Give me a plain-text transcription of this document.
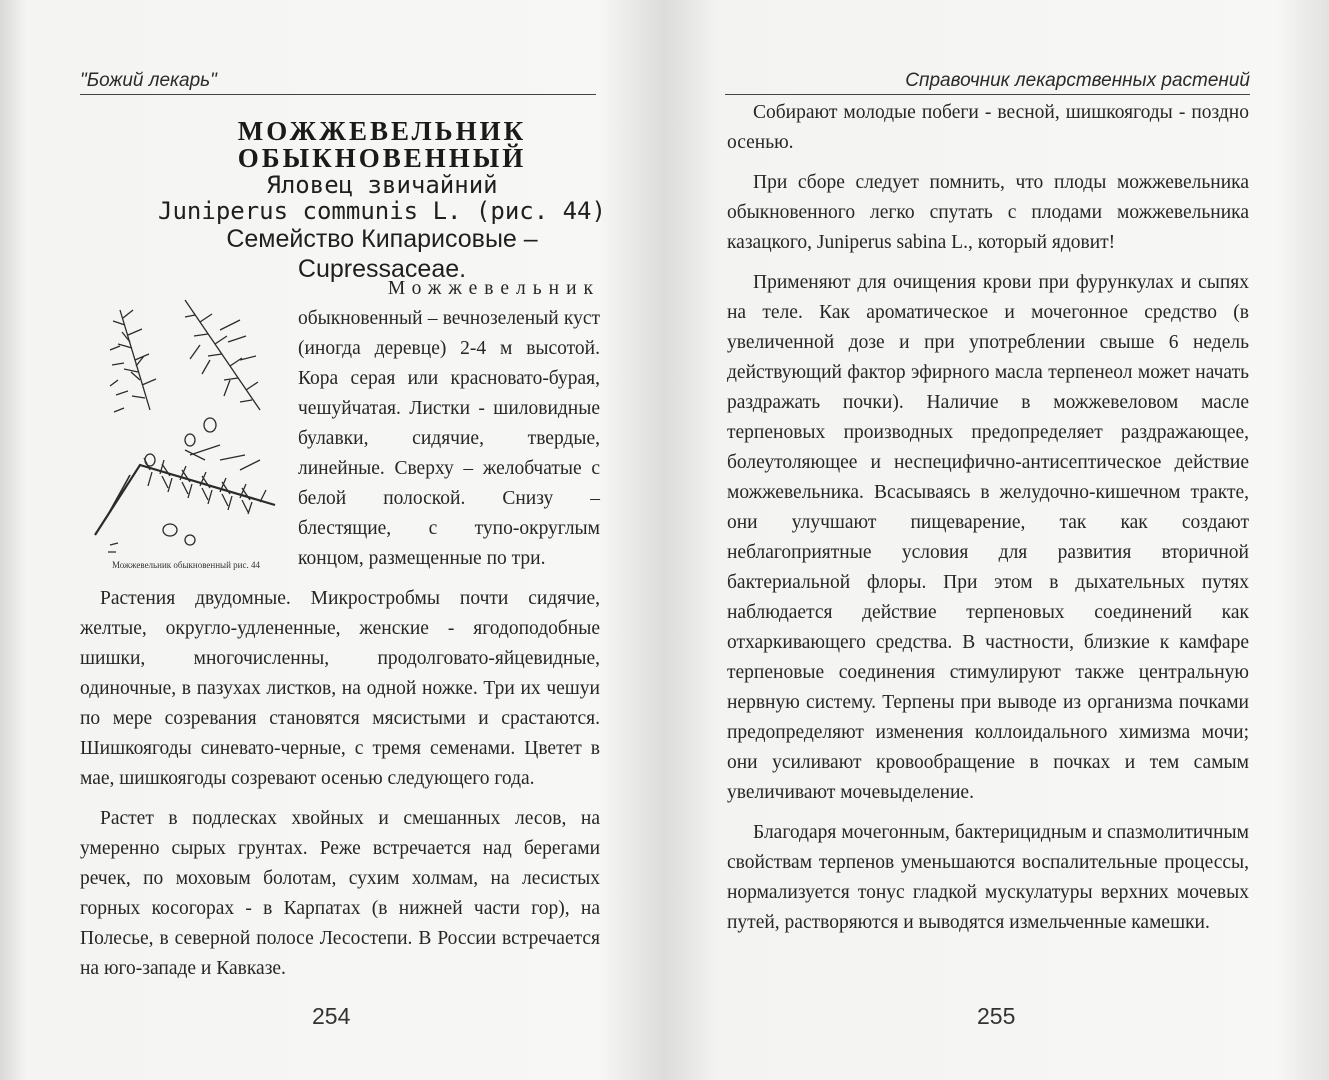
"Божий лекарь"
МОЖЖЕВЕЛЬНИК
ОБЫКНОВЕННЫЙ
Яловец звичайний
Juniperus communis L. (рис. 44)
Семейство Кипарисовые – Cupressaceae.
Можжевельник обыкновенный рис. 44
Можжевельник
обыкновенный – вечнозеленый куст (иногда деревце) 2-4 м высотой. Кора серая или красновато-бурая, чешуйчатая. Листки - шиловидные булавки, сидячие, твердые, линейные. Сверху – желобчатые с белой полоской. Снизу – блестящие, с тупо-округлым концом, размещенные по три.

Растения двудомные. Микростробмы почти сидячие, желтые, округло-удлененные, женские - ягодоподобные шишки, многочисленны, продолговато-яйцевидные, одиночные, в пазухах листков, на одной ножке. Три их чешуи по мере созревания становятся мясистыми и срастаются. Шишкоягоды синевато-черные, с тремя семенами. Цветет в мае, шишкоягоды созревают осенью следующего года.

Растет в подлесках хвойных и смешанных лесов, на умеренно сырых грунтах. Реже встречается над берегами речек, по моховым болотам, сухим холмам, на лесистых горных косогорах - в Карпатах (в нижней части гор), на Полесье, в северной полосе Лесостепи. В России встречается на юго-западе и Кавказе.

254
Справочник лекарственных растений

Собирают молодые побеги - весной, шишкоягоды - поздно осенью.

При сборе следует помнить, что плоды можжевельника обыкновенного легко спутать с плодами можжевельника казацкого, Juniperus sabina L., который ядовит!

Применяют для очищения крови при фурункулах и сыпях на теле. Как ароматическое и мочегонное средство (в увеличенной дозе и при употреблении свыше 6 недель действующий фактор эфирного масла терпенеол может начать раздражать почки). Наличие в можжевеловом масле терпеновых производных предопределяет раздражающее, болеутоляющее и неспецифично-антисептическое действие можжевельника. Всасываясь в желудочно-кишечном тракте, они улучшают пищеварение, так как создают неблагоприятные условия для развития вторичной бактериальной флоры. При этом в дыхательных путях наблюдается действие терпеновых соединений как отхаркивающего средства. В частности, близкие к камфаре терпеновые соединения стимулируют также центральную нервную систему. Терпены при выводе из организма почками предопределяют изменения коллоидального химизма мочи; они усиливают кровообращение в почках и тем самым увеличивают мочевыделение.

Благодаря мочегонным, бактерицидным и спазмолитичным свойствам терпенов уменьшаются воспалительные процессы, нормализуется тонус гладкой мускулатуры верхних мочевых путей, растворяются и выводятся измельченные камешки.

255
